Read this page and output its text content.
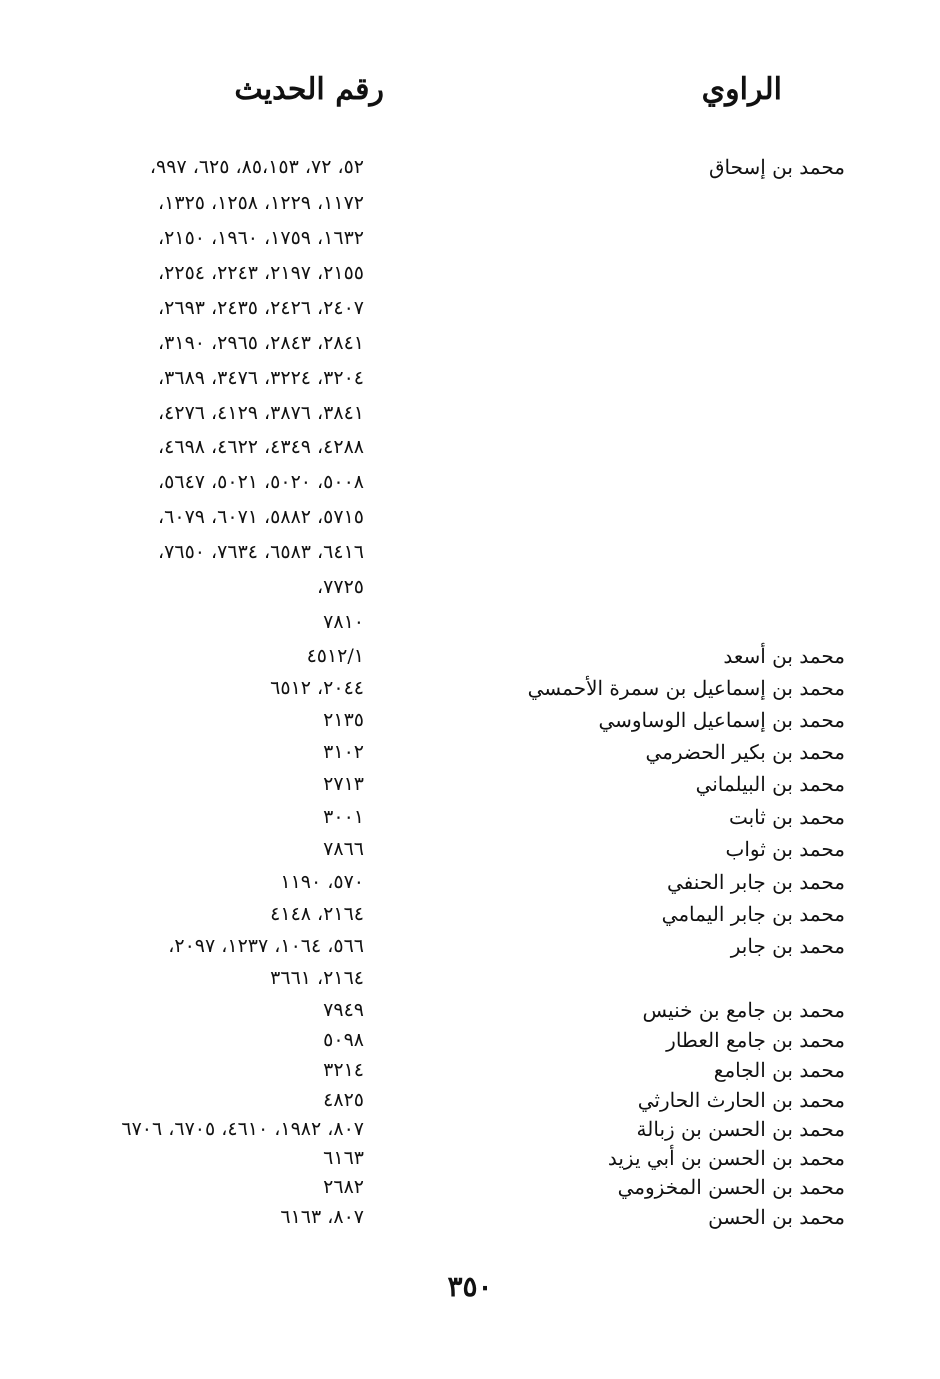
الراوي
رقم الحديث
محمد بن إسحاق
٥٢، ٧٢، ٨٥،١٥٣، ٦٢٥، ٩٩٧،
١١٧٢، ١٢٢٩، ١٢٥٨، ١٣٢٥،
١٦٣٢، ١٧٥٩، ١٩٦٠، ٢١٥٠،
٢١٥٥، ٢١٩٧، ٢٢٤٣، ٢٢٥٤،
٢٤٠٧، ٢٤٢٦، ٢٤٣٥، ٢٦٩٣،
٢٨٤١، ٢٨٤٣، ٢٩٦٥، ٣١٩٠،
٣٢٠٤، ٣٢٢٤، ٣٤٧٦، ٣٦٨٩،
٣٨٤١، ٣٨٧٦، ٤١٢٩، ٤٢٧٦،
٤٢٨٨، ٤٣٤٩، ٤٦٢٢، ٤٦٩٨،
٥٠٠٨، ٥٠٢٠، ٥٠٢١، ٥٦٤٧،
٥٧١٥، ٥٨٨٢، ٦٠٧١، ٦٠٧٩،
٦٤١٦، ٦٥٨٣، ٧٦٣٤، ٧٦٥٠،
٧٧٢٥،
٧٨١٠
محمد بن أسعد
٤٥١٢/١
محمد بن إسماعيل بن سمرة الأحمسي
٢٠٤٤، ٦٥١٢
محمد بن إسماعيل الوساوسي
٢١٣٥
محمد بن بكير الحضرمي
٣١٠٢
محمد بن البيلماني
٢٧١٣
محمد بن ثابت
٣٠٠١
محمد بن ثواب
٧٨٦٦
محمد بن جابر الحنفي
٥٧٠، ١١٩٠
محمد بن جابر اليمامي
٢١٦٤، ٤١٤٨
محمد بن جابر
٥٦٦، ١٠٦٤، ١٢٣٧، ٢٠٩٧،
٢١٦٤، ٣٦٦١
محمد بن جامع بن خنيس
٧٩٤٩
محمد بن جامع العطار
٥٠٩٨
محمد بن الجامع
٣٢١٤
محمد بن الحارث الحارثي
٤٨٢٥
محمد بن الحسن بن زبالة
٨٠٧، ١٩٨٢، ٤٦١٠، ٦٧٠٥، ٦٧٠٦
محمد بن الحسن بن أبي يزيد
٦١٦٣
محمد بن الحسن المخزومي
٢٦٨٢
محمد بن الحسن
٨٠٧، ٦١٦٣
٣٥٠
